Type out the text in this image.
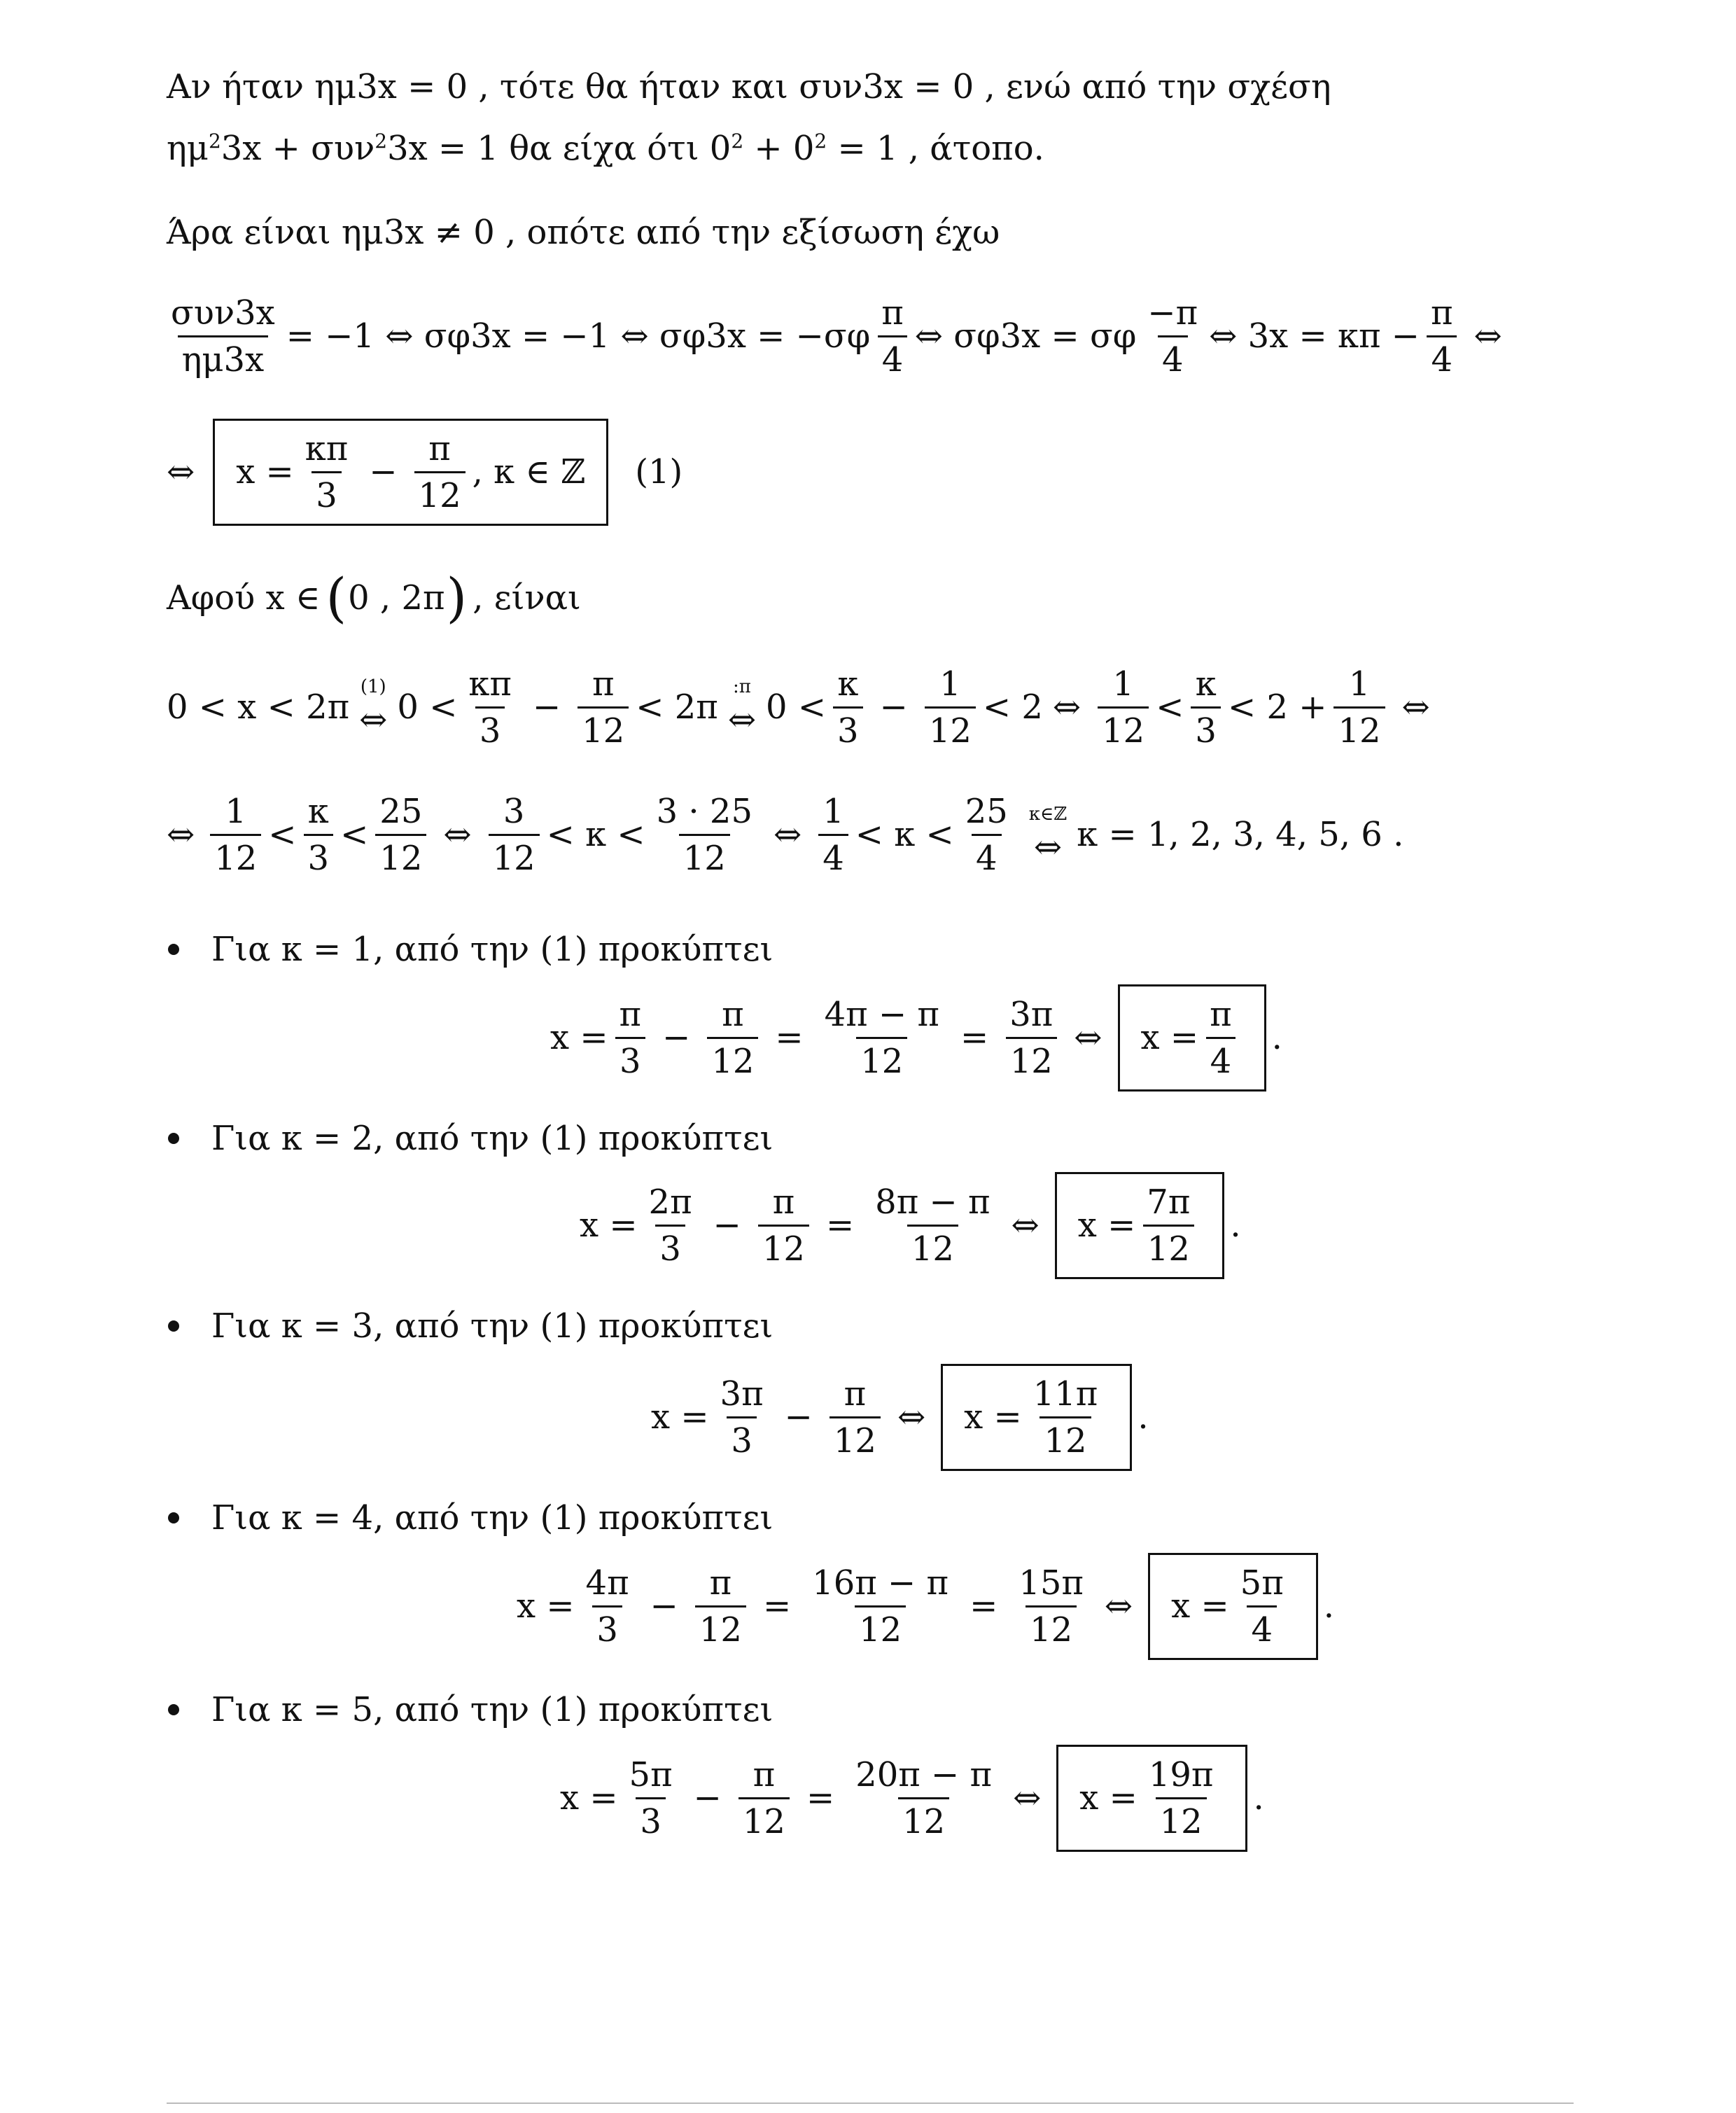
Αν ήταν ημ3x = 0 , τότε θα ήταν και συν3x = 0 , ενώ από την σχέση
$\eta\mu^23x + \sigma\upsilon\nu^23x = 1$ θα είχα ότι $0^2 + 0^2 = 1$ , άτοπο.
Άρα είναι ημ3x ≠ 0 , οπότε από την εξίσωση έχω
$\frac{\text{συν3x}}{\eta\mu 3x} = -1$ ⇔ σφ3x = −1 ⇔ $\sigma\varphi 3x = -\sigma\varphi \frac{\pi}{4}$ ⇔ σφ3x = σφ $\frac{-\pi}{4}$ ⇔ $3x = \kappa\pi - \frac{\pi}{4}$ ⇔
⇔ $x = \frac{\kappa\pi}{3} - \frac{\pi}{12}$ , κ ∈ ℤ (1)
Αφού x ∈ ( 0 , 2π ) , είναι
0 < x < 2π
(1)
⇔ $0 < \frac{\kappa\pi}{3} - \frac{\pi}{12} < 2\pi$
:π
⇔ $0 < \frac{\kappa}{3} - \frac{1}{12} < 2$ ⇔ $\frac{1}{12} < \frac{\kappa}{3} < 2 + \frac{1}{12}$ ⇔
⇔ $\frac{1}{12} < \frac{\kappa}{3} < \frac{25}{12}$ ⇔ $\frac{3}{12} < \kappa < \frac{3 \cdot 25}{12}$ ⇔ $\frac{1}{4} < \kappa < \frac{25}{4}$ κ∈ℤ
⇔ κ = 1, 2, 3, 4, 5, 6 .
Για κ = 1, από την (1) προκύπτει
$x = \frac{\pi}{3} - \frac{\pi}{12} = \frac{4\pi - \pi}{12} = \frac{3\pi}{12}$ ⇔ $x = \frac{\pi}{4}$ .
Για κ = 2, από την (1) προκύπτει
$x = \frac{2\pi}{3} - \frac{\pi}{12} = \frac{8\pi - \pi}{12}$ ⇔ $x = \frac{7\pi}{12}$ .
Για κ = 3, από την (1) προκύπτει
$x = \frac{3\pi}{3} - \frac{\pi}{12}$ ⇔ $x = \frac{11\pi}{12}$ .
Για κ = 4, από την (1) προκύπτει
$x = \frac{4\pi}{3} - \frac{\pi}{12} = \frac{16\pi - \pi}{12} = \frac{15\pi}{12}$ ⇔ $x = \frac{5\pi}{4}$ .
Για κ = 5, από την (1) προκύπτει
$x = \frac{5\pi}{3} - \frac{\pi}{12} = \frac{20\pi - \pi}{12}$ ⇔ $x = \frac{19\pi}{12}$ .
